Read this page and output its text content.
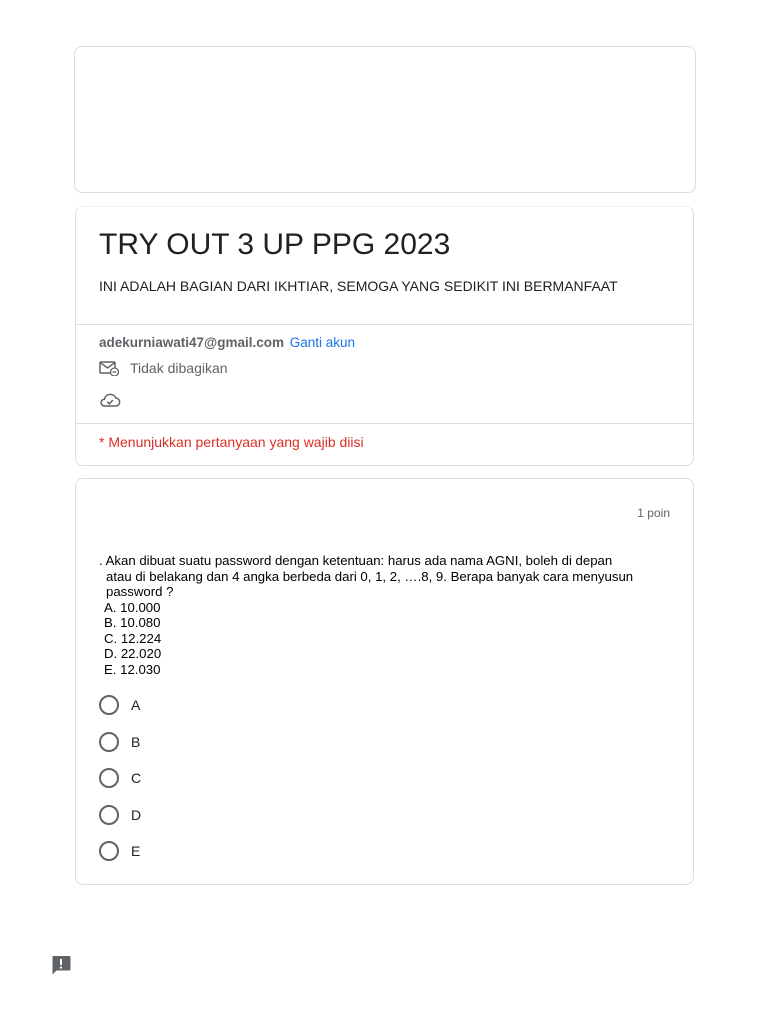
TRY OUT 3 UP PPG 2023

INI ADALAH BAGIAN DARI IKHTIAR, SEMOGA YANG SEDIKIT INI BERMANFAAT

adekurniawati47@gmail.com Ganti akun
Tidak dibagikan
* Menunjukkan pertanyaan yang wajib diisi
1 poin
. Akan dibuat suatu password dengan ketentuan: harus ada nama AGNI, boleh di depan
atau di belakang dan 4 angka berbeda dari 0, 1, 2, ….8, 9. Berapa banyak cara menyusun
password ?
A. 10.000
B. 10.080
C. 12.224
D. 22.020
E. 12.030
A
B
C
D
E
